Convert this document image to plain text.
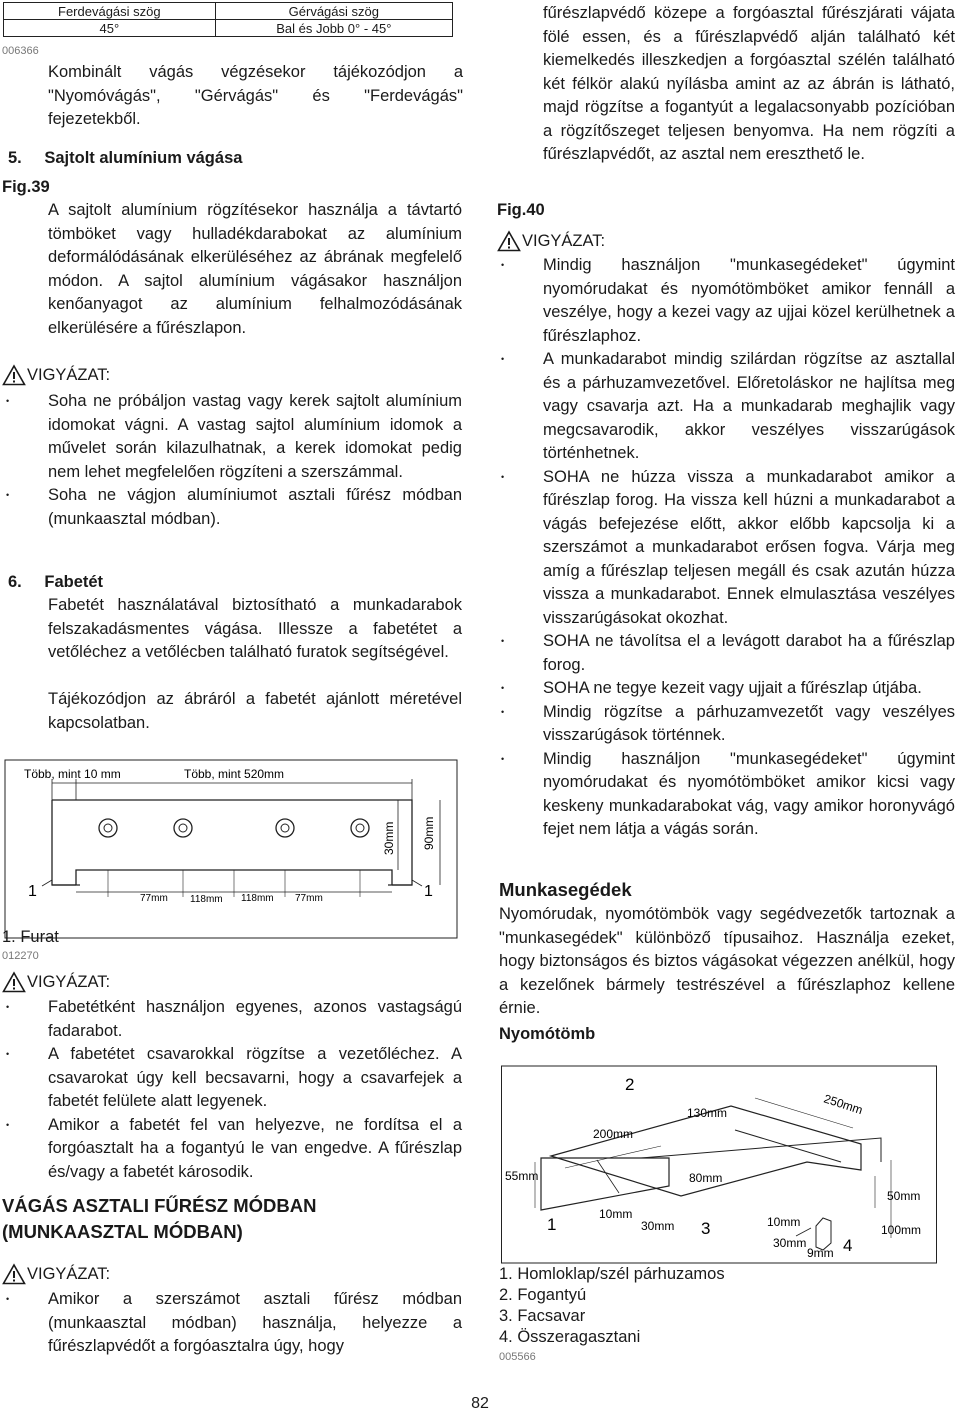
Ferdevágási szög	Gérvágási szög
45°	Bal és Jobb 0° - 45°
006366

Kombinált vágás végzésekor tájékozódjon a "Nyomóvágás", "Gérvágás" és "Ferdevágás" fejezetekből.

5. Sajtolt alumínium vágása
Fig.39

A sajtolt alumínium rögzítésekor használja a távtartó tömböket vagy hulladékdarabokat az alumínium deformálódásának elkerüléséhez az ábrának megfelelő módon. A sajtol alumínium vágásakor használjon kenőanyagot az alumínium felhalmozódásának elkerülésére a fűrészlapon.

VIGYÁZAT:
• Soha ne próbáljon vastag vagy kerek sajtolt alumínium idomokat vágni. A vastag sajtol alumínium idomok a művelet során kilazulhatnak, a kerek idomokat pedig nem lehet megfelelően rögzíteni a szerszámmal.
• Soha ne vágjon alumíniumot asztali fűrész módban (munkaasztal módban).
6. Fabetét

Fabetét használatával biztosítható a munkadarabok felszakadásmentes vágása. Illessze a fabetétet a vetőléchez a vetőlécben található furatok segítségével.

Tájékozódjon az ábráról a fabetét ajánlott méretével kapcsolatban.

Több, mint 10 mm	Több, mint 520mm
30mm 90mm
1	1
77mm 118mm 118mm 77mm
1. Furat
012270
VIGYÁZAT:
• Fabetétként használjon egyenes, azonos vastagságú fadarabot.
• A fabetétet csavarokkal rögzítse a vezetőléchez. A csavarokat úgy kell becsavarni, hogy a csavarfejek a fabetét felülete alatt legyenek.
• Amikor a fabetét fel van helyezve, ne fordítsa el a forgóasztalt ha a fogantyú le van engedve. A fűrészlap és/vagy a fabetét károsodik.
VÁGÁS ASZTALI FŰRÉSZ MÓDBAN (MUNKAASZTAL MÓDBAN)
VIGYÁZAT:
• Amikor a szerszámot asztali fűrész módban (munkaasztal módban) használja, helyezze a fűrészlapvédőt a forgóasztalra úgy, hogy

fűrészlapvédő közepe a forgóasztal fűrészjárati vájata fölé essen, és a fűrészlapvédő alján található két kiemelkedés illeszkedjen a forgóasztal szélén található két félkör alakú nyílásba amint az az ábrán is látható, majd rögzítse a fogantyút a legalacsonyabb pozícióban a rögzítőszeget teljesen benyomva. Ha nem rögzíti a fűrészlapvédőt, az asztal nem ereszthető le.

Fig.40
VIGYÁZAT:
• Mindig használjon "munkasegédeket" úgymint nyomórudakat és nyomótömböket amikor fennáll a veszélye, hogy a kezei vagy az ujjai közel kerülhetnek a fűrészlaphoz.
• A munkadarabot mindig szilárdan rögzítse az asztallal és a párhuzamvezetővel. Előretoláskor ne hajlítsa meg vagy csavarja azt. Ha a munkadarab meghajlik vagy megcsavarodik, akkor veszélyes visszarúgások történhetnek.
• SOHA ne húzza vissza a munkadarabot amikor a fűrészlap forog. Ha vissza kell húzni a munkadarabot a vágás befejezése előtt, akkor előbb kapcsolja ki a szerszámot a munkadarabot erősen fogva. Várja meg amíg a fűrészlap teljesen megáll és csak azután húzza vissza a munkadarabot. Ennek elmulasztása veszélyes visszarúgásokat okozhat.
• SOHA ne távolítsa el a levágott darabot ha a fűrészlap forog.
• SOHA ne tegye kezeit vagy ujjait a fűrészlap útjába.
• Mindig rögzítse a párhuzamvezetőt vagy veszélyes visszarúgások történnek.
• Mindig használjon "munkasegédeket" úgymint nyomórudakat és nyomótömböket amikor kicsi vagy keskeny munkadarabokat vág, vagy amikor horonyvágó fejet nem látja a vágás során.
Munkasegédek

Nyomórudak, nyomótömbök vagy segédvezetők tartoznak a "munkasegédek" különböző típusaihoz. Használja ezeket, hogy biztonságos és biztos vágásokat végezzen anélkül, hogy a kezelőnek bármely testrészével a fűrészlaphoz kellene érnie.

Nyomótömb
2
130mm	250mm
200mm
55mm	80mm
50mm
1
10mm
30mm 3	10mm
100mm
30mm 4
9mm
1. Homloklap/szél párhuzamos
2. Fogantyú
3. Facsavar
4. Összeragasztani
005566
82
